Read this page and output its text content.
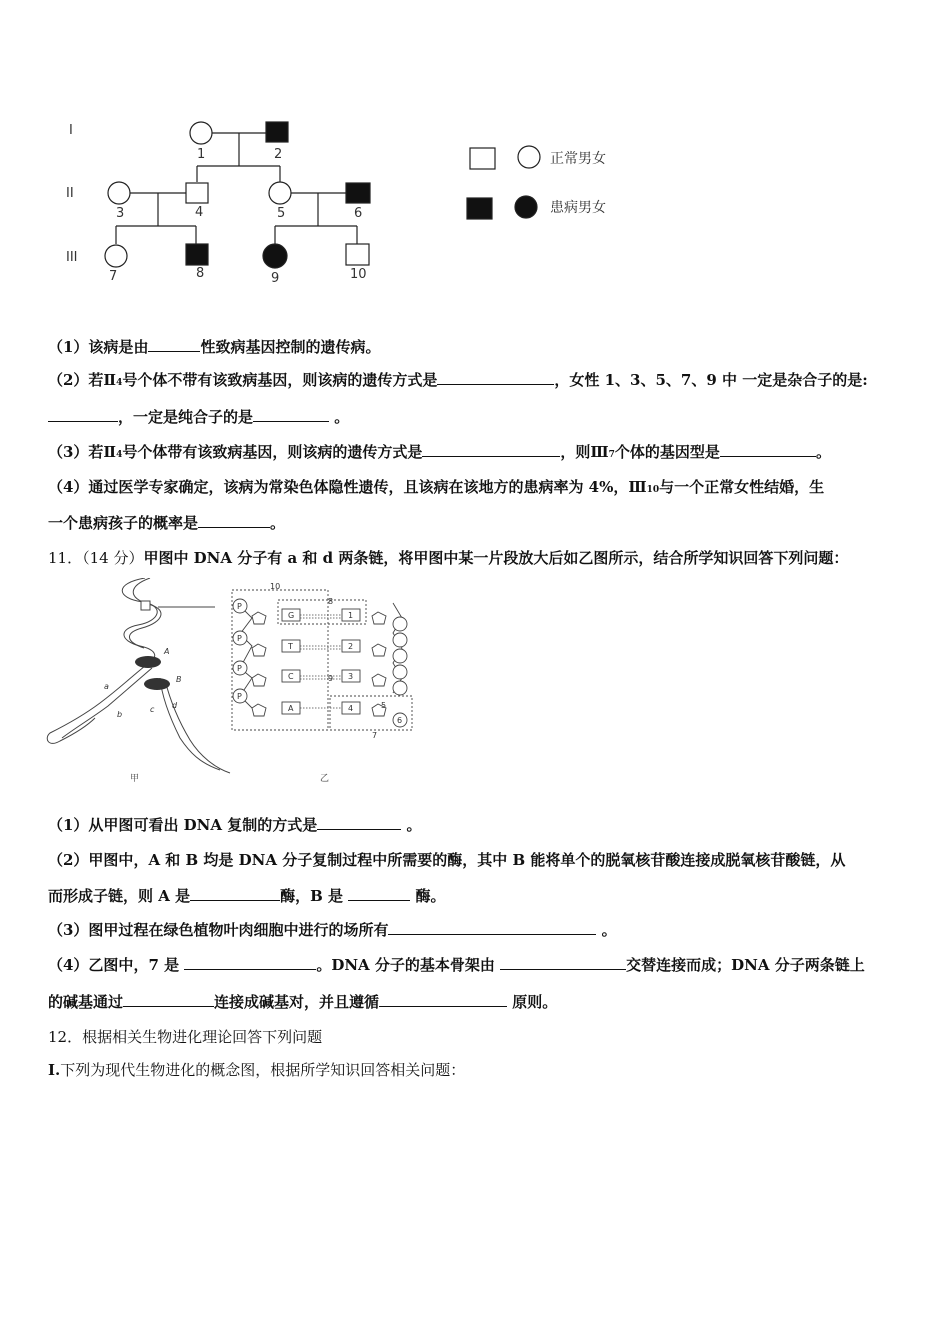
I
II
III
1	2
3	4	5	6
7	8	9	10
正常男女
患病男女
（1）该病是由	性致病基因控制的遗传病。
（2）若Ⅱ4号个体不带有该致病基因，则该病的遗传方式是	，女性 1、3、5、7、9 中 一定是杂合子的是:
，一定是纯合子的是	。
（3）若Ⅱ4号个体带有该致病基因，则该病的遗传方式是	，则Ⅲ7个体的基因型是	。
（4）通过医学专家确定，该病为常染色体隐性遗传，且该病在该地方的患病率为 4%，Ⅲ10与一个正常女性结婚，生
一个患病孩子的概率是	。
11．（14 分）甲图中 DNA 分子有 a 和 d 两条链，将甲图中某一片段放大后如乙图所示，结合所学知识回答下列问题：
A
B
a
b
c d
甲
P
P
P
P
G
T
C
A
1
2
3
4	5
6
7
8
9
10
乙
（1）从甲图可看出 DNA 复制的方式是	。
（2）甲图中，A 和 B 均是 DNA 分子复制过程中所需要的酶，其中 B 能将单个的脱氧核苷酸连接成脱氧核苷酸链，从
而形成子链，则 A 是	酶，B 是	酶。
（3）图甲过程在绿色植物叶肉细胞中进行的场所有	。
（4）乙图中，7 是	。DNA 分子的基本骨架由	交替连接而成；DNA 分子两条链上
的碱基通过	连接成碱基对，并且遵循	原则。
12．根据相关生物进化理论回答下列问题
I.下列为现代生物进化的概念图，根据所学知识回答相关问题：
